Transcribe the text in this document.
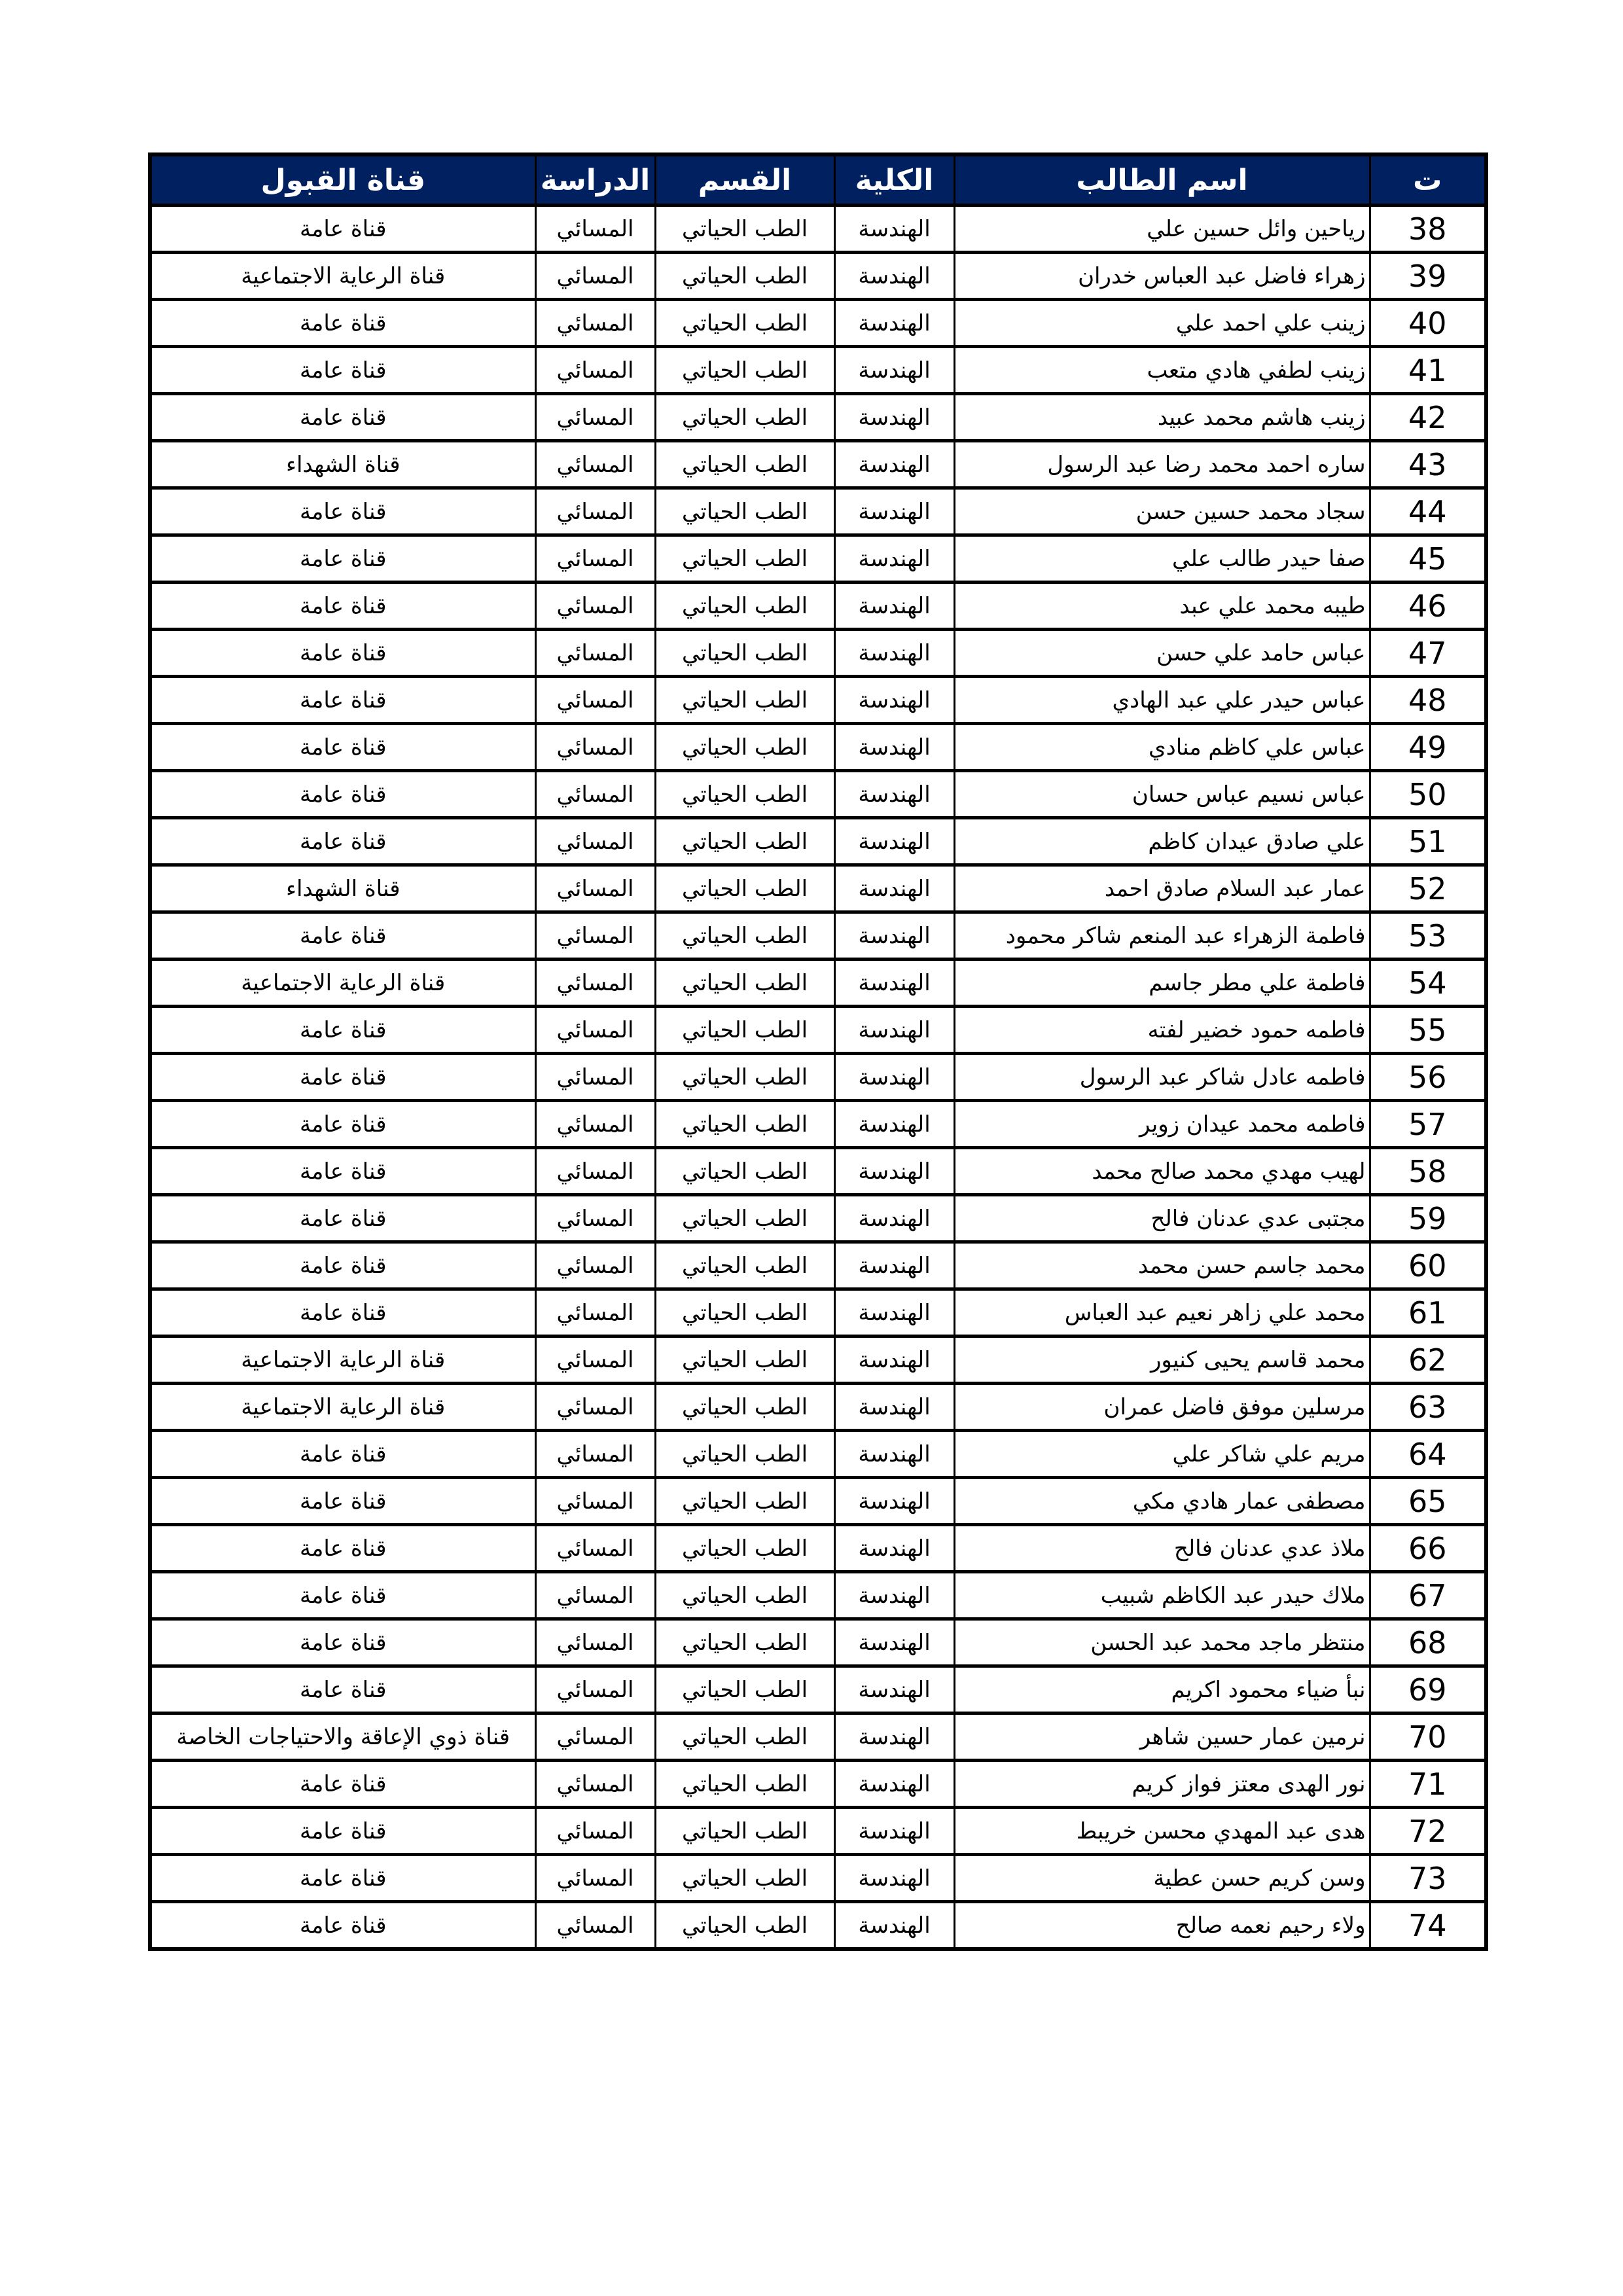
ت	اسم الطالب	الكلية	القسم	الدراسة	قناة القبول
38	رياحين وائل حسين علي	الهندسة	الطب الحياتي	المسائي	قناة عامة
39	زهراء فاضل عبد العباس خدران	الهندسة	الطب الحياتي	المسائي	قناة الرعاية الاجتماعية
40	زينب علي احمد علي	الهندسة	الطب الحياتي	المسائي	قناة عامة
41	زينب لطفي هادي متعب	الهندسة	الطب الحياتي	المسائي	قناة عامة
42	زينب هاشم محمد عبيد	الهندسة	الطب الحياتي	المسائي	قناة عامة
43	ساره احمد محمد رضا عبد الرسول	الهندسة	الطب الحياتي	المسائي	قناة الشهداء
44	سجاد محمد حسين حسن	الهندسة	الطب الحياتي	المسائي	قناة عامة
45	صفا حيدر طالب علي	الهندسة	الطب الحياتي	المسائي	قناة عامة
46	طيبه محمد علي عبد	الهندسة	الطب الحياتي	المسائي	قناة عامة
47	عباس حامد علي حسن	الهندسة	الطب الحياتي	المسائي	قناة عامة
48	عباس حيدر علي عبد الهادي	الهندسة	الطب الحياتي	المسائي	قناة عامة
49	عباس علي كاظم منادي	الهندسة	الطب الحياتي	المسائي	قناة عامة
50	عباس نسيم عباس حسان	الهندسة	الطب الحياتي	المسائي	قناة عامة
51	علي صادق عيدان كاظم	الهندسة	الطب الحياتي	المسائي	قناة عامة
52	عمار عبد السلام صادق احمد	الهندسة	الطب الحياتي	المسائي	قناة الشهداء
53	فاطمة الزهراء عبد المنعم شاكر محمود	الهندسة	الطب الحياتي	المسائي	قناة عامة
54	فاطمة علي مطر جاسم	الهندسة	الطب الحياتي	المسائي	قناة الرعاية الاجتماعية
55	فاطمه حمود خضير لفته	الهندسة	الطب الحياتي	المسائي	قناة عامة
56	فاطمه عادل شاكر عبد الرسول	الهندسة	الطب الحياتي	المسائي	قناة عامة
57	فاطمه محمد عيدان زوير	الهندسة	الطب الحياتي	المسائي	قناة عامة
58	لهيب مهدي محمد صالح محمد	الهندسة	الطب الحياتي	المسائي	قناة عامة
59	مجتبى عدي عدنان فالح	الهندسة	الطب الحياتي	المسائي	قناة عامة
60	محمد جاسم حسن محمد	الهندسة	الطب الحياتي	المسائي	قناة عامة
61	محمد علي زاهر نعيم عبد العباس	الهندسة	الطب الحياتي	المسائي	قناة عامة
62	محمد قاسم يحيى كنيور	الهندسة	الطب الحياتي	المسائي	قناة الرعاية الاجتماعية
63	مرسلين موفق فاضل عمران	الهندسة	الطب الحياتي	المسائي	قناة الرعاية الاجتماعية
64	مريم علي شاكر علي	الهندسة	الطب الحياتي	المسائي	قناة عامة
65	مصطفى عمار هادي مكي	الهندسة	الطب الحياتي	المسائي	قناة عامة
66	ملاذ عدي عدنان فالح	الهندسة	الطب الحياتي	المسائي	قناة عامة
67	ملاك حيدر عبد الكاظم شبيب	الهندسة	الطب الحياتي	المسائي	قناة عامة
68	منتظر ماجد محمد عبد الحسن	الهندسة	الطب الحياتي	المسائي	قناة عامة
69	نبأ ضياء محمود اكريم	الهندسة	الطب الحياتي	المسائي	قناة عامة
70	نرمين عمار حسين شاهر	الهندسة	الطب الحياتي	المسائي	قناة ذوي الإعاقة والاحتياجات الخاصة
71	نور الهدى معتز فواز كريم	الهندسة	الطب الحياتي	المسائي	قناة عامة
72	هدى عبد المهدي محسن خريبط	الهندسة	الطب الحياتي	المسائي	قناة عامة
73	وسن كريم حسن عطية	الهندسة	الطب الحياتي	المسائي	قناة عامة
74	ولاء رحيم نعمه صالح	الهندسة	الطب الحياتي	المسائي	قناة عامة
